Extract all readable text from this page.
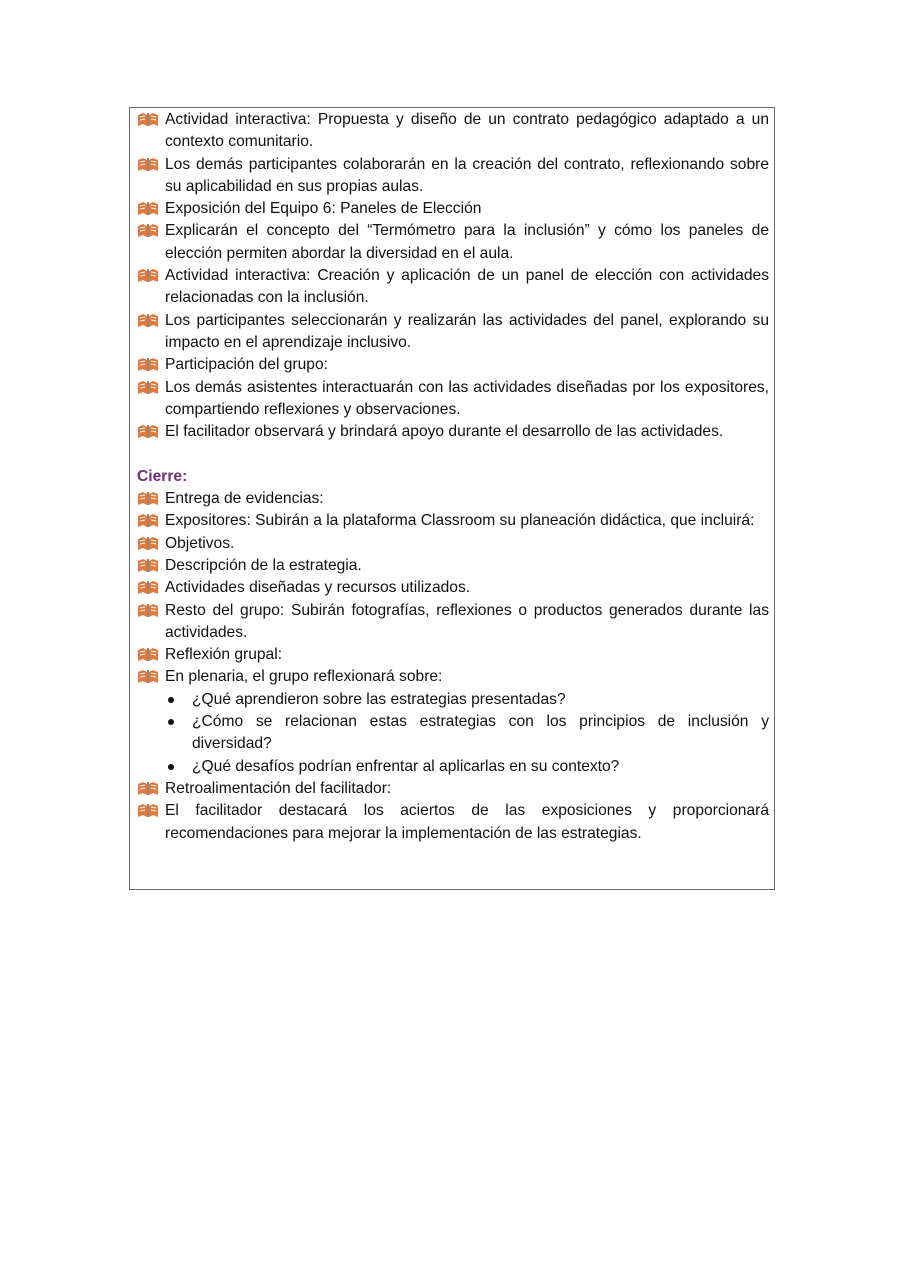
Actividad interactiva: Propuesta y diseño de un contrato pedagógico adaptado a un contexto comunitario.
Los demás participantes colaborarán en la creación del contrato, reflexionando sobre su aplicabilidad en sus propias aulas.
Exposición del Equipo 6: Paneles de Elección
Explicarán el concepto del “Termómetro para la inclusión” y cómo los paneles de elección permiten abordar la diversidad en el aula.
Actividad interactiva: Creación y aplicación de un panel de elección con actividades relacionadas con la inclusión.
Los participantes seleccionarán y realizarán las actividades del panel, explorando su impacto en el aprendizaje inclusivo.
Participación del grupo:
Los demás asistentes interactuarán con las actividades diseñadas por los expositores, compartiendo reflexiones y observaciones.
El facilitador observará y brindará apoyo durante el desarrollo de las actividades.
Cierre:
Entrega de evidencias:
Expositores: Subirán a la plataforma Classroom su planeación didáctica, que incluirá:
Objetivos.
Descripción de la estrategia.
Actividades diseñadas y recursos utilizados.
Resto del grupo: Subirán fotografías, reflexiones o productos generados durante las actividades.
Reflexión grupal:
En plenaria, el grupo reflexionará sobre:
¿Qué aprendieron sobre las estrategias presentadas?
¿Cómo se relacionan estas estrategias con los principios de inclusión y diversidad?
¿Qué desafíos podrían enfrentar al aplicarlas en su contexto?
Retroalimentación del facilitador:
El facilitador destacará los aciertos de las exposiciones y proporcionará recomendaciones para mejorar la implementación de las estrategias.
